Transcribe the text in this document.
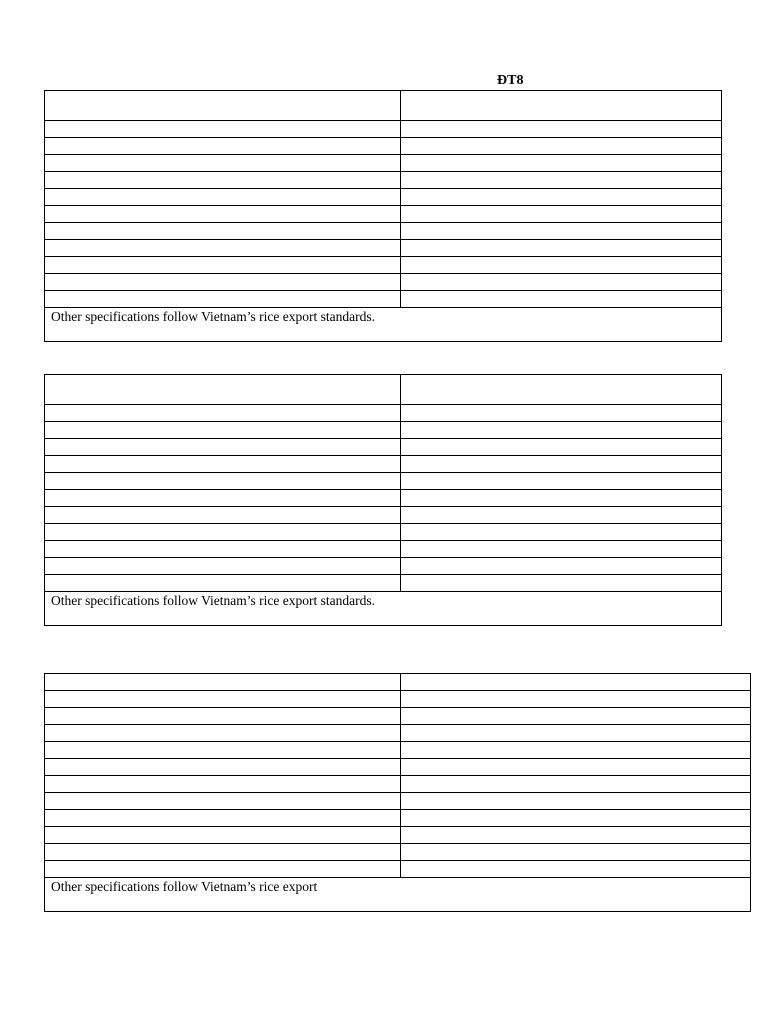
ĐT8

Other specifications follow Vietnam’s rice export standards.	

Other specifications follow Vietnam’s rice export standards.	

Other specifications follow Vietnam’s rice export	
